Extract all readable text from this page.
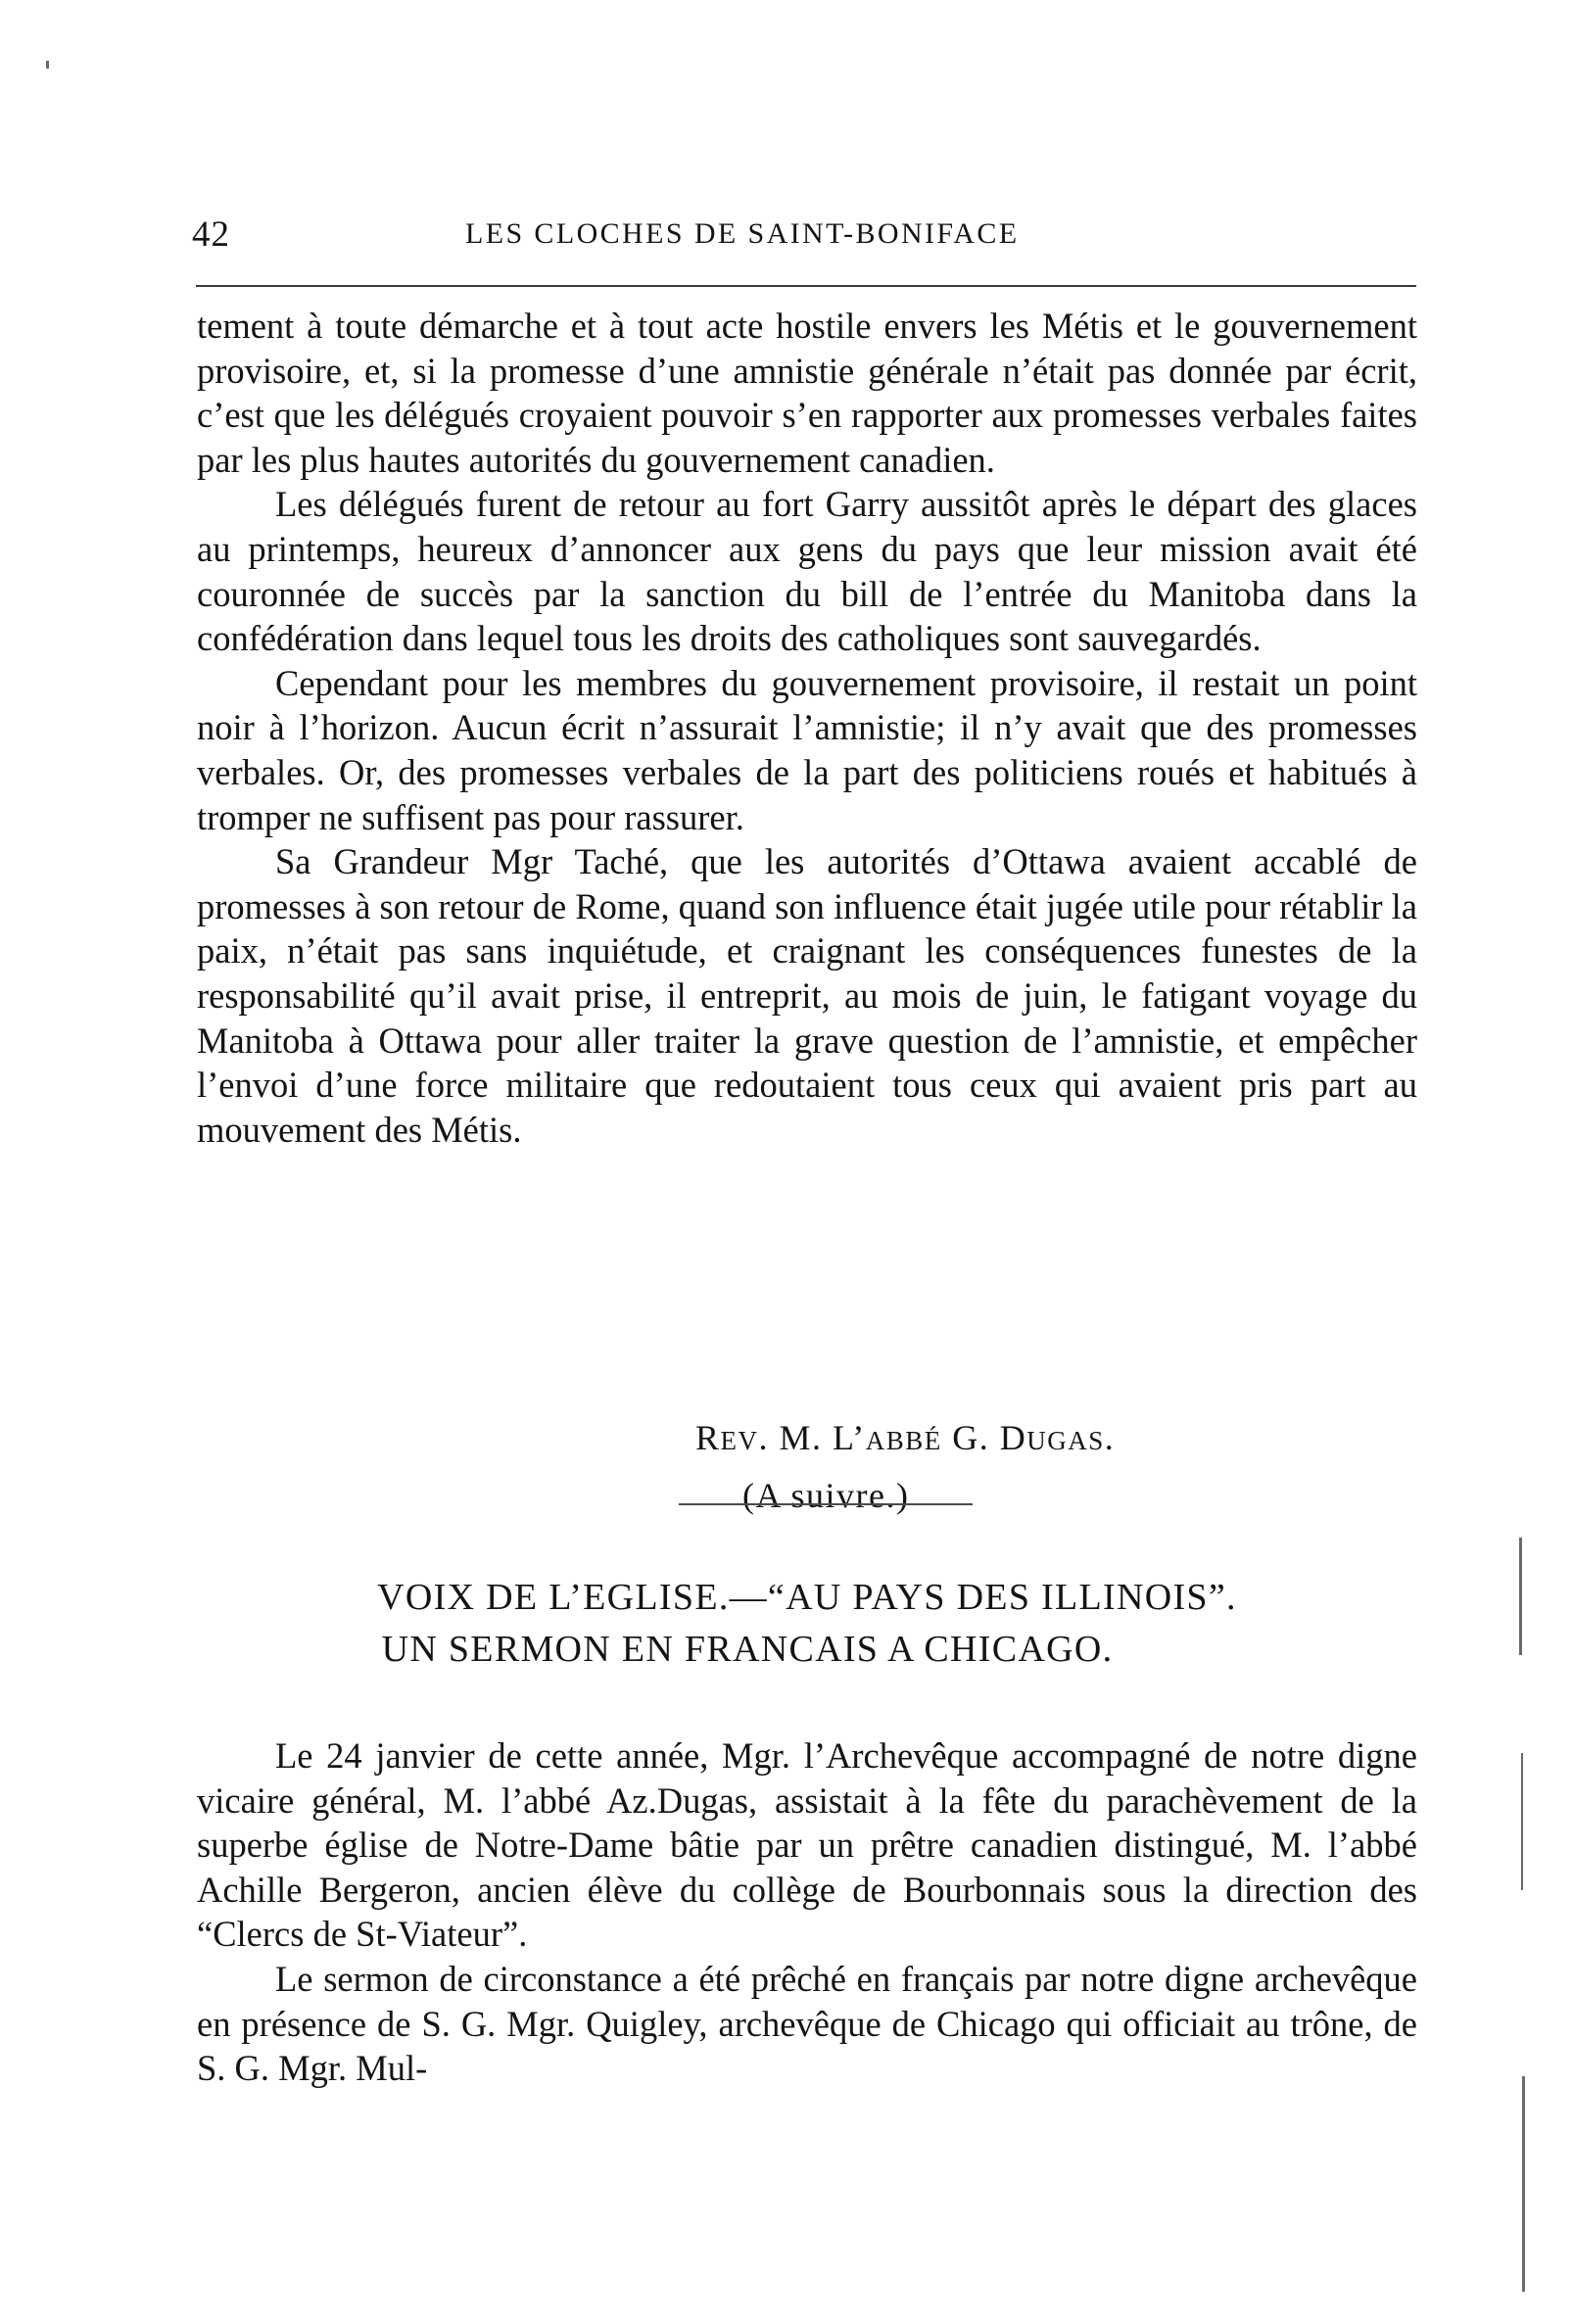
42	LES CLOCHES DE SAINT-BONIFACE

tement à toute démarche et à tout acte hostile envers les Métis et le gouvernement provisoire, et, si la promesse d’une amnistie générale n’était pas donnée par écrit, c’est que les délégués croyaient pouvoir s’en rapporter aux promesses verbales faites par les plus hautes autorités du gouvernement canadien.

Les délégués furent de retour au fort Garry aussitôt après le départ des glaces au printemps, heureux d’annoncer aux gens du pays que leur mission avait été couronnée de succès par la sanction du bill de l’entrée du Manitoba dans la confédération dans lequel tous les droits des catholiques sont sauvegardés.

Cependant pour les membres du gouvernement provisoire, il restait un point noir à l’horizon. Aucun écrit n’assurait l’amnistie; il n’y avait que des promesses verbales. Or, des promesses verbales de la part des politiciens roués et habitués à tromper ne suffisent pas pour rassurer.

Sa Grandeur Mgr Taché, que les autorités d’Ottawa avaient accablé de promesses à son retour de Rome, quand son influence était jugée utile pour rétablir la paix, n’était pas sans inquiétude, et craignant les conséquences funestes de la responsabilité qu’il avait prise, il entreprit, au mois de juin, le fatigant voyage du Manitoba à Ottawa pour aller traiter la grave question de l’amnistie, et empêcher l’envoi d’une force militaire que redoutaient tous ceux qui avaient pris part au mouvement des Métis.

REV. M. L’ABBÉ G. DUGAS.
(A suivre.)
VOIX DE L’EGLISE.—“AU PAYS DES ILLINOIS”.
UN SERMON EN FRANCAIS A CHICAGO.

Le 24 janvier de cette année, Mgr. l’Archevêque accompagné de notre digne vicaire général, M. l’abbé Az.Dugas, assistait à la fête du parachèvement de la superbe église de Notre-Dame bâtie par un prêtre canadien distingué, M. l’abbé Achille Bergeron, ancien élève du collège de Bourbonnais sous la direction des “Clercs de St-Viateur”.

Le sermon de circonstance a été prêché en français par notre digne archevêque en présence de S. G. Mgr. Quigley, archevêque de Chicago qui officiait au trône, de S. G. Mgr. Mul-
